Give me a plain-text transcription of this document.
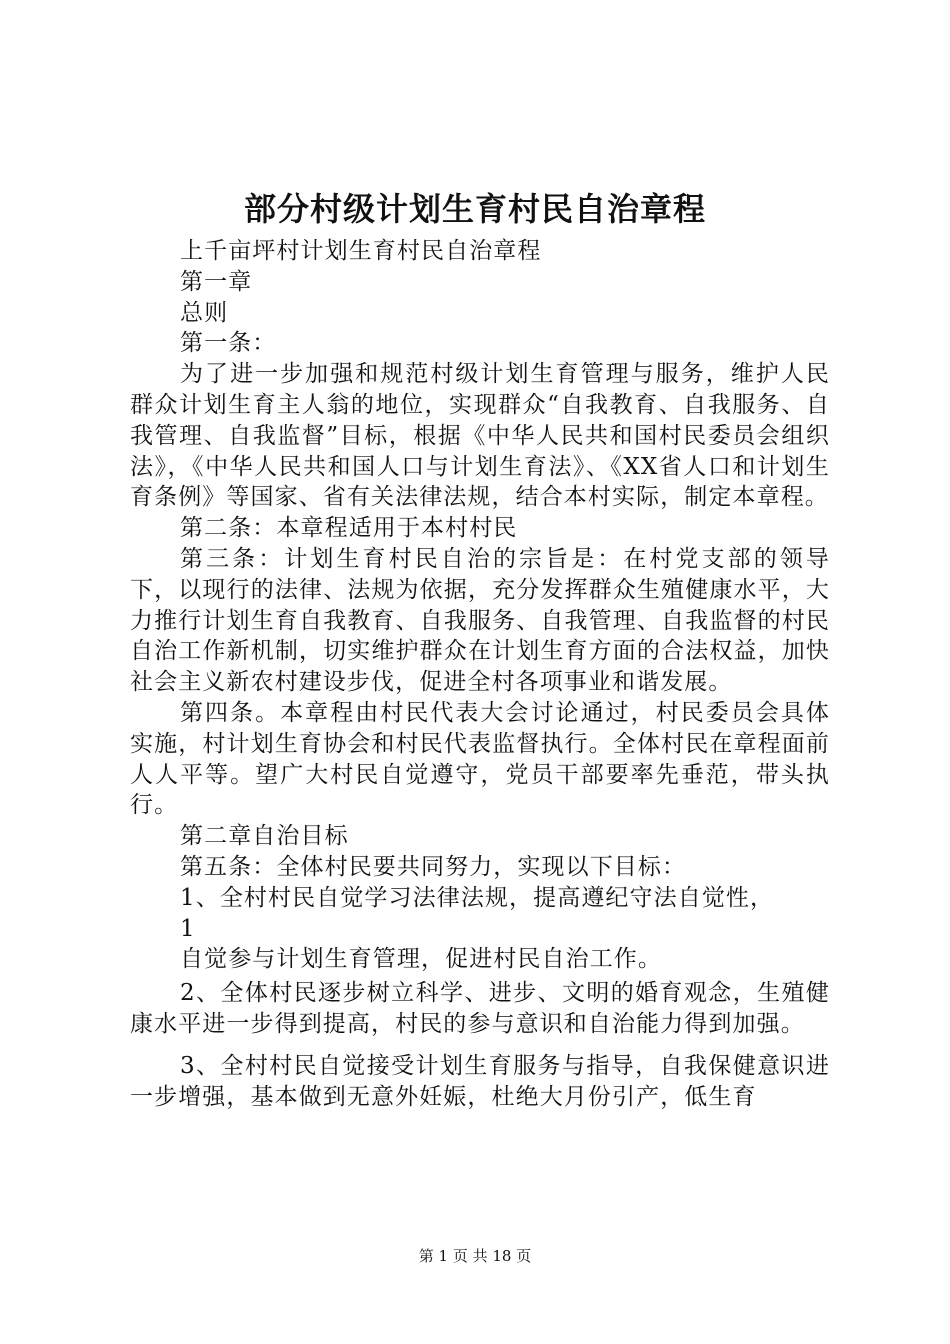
部分村级计划生育村民自治章程

上千亩坪村计划生育村民自治章程

第一章

总则

第一条：

为了进一步加强和规范村级计划生育管理与服务，维护人民群众计划生育主人翁的地位，实现群众“自我教育、自我服务、自我管理、自我监督”目标，根据《中华人民共和国村民委员会组织法》，《中华人民共和国人口与计划生育法》、《XX省人口和计划生育条例》等国家、省有关法律法规，结合本村实际，制定本章程。

第二条：本章程适用于本村村民

第三条：计划生育村民自治的宗旨是：在村党支部的领导下，以现行的法律、法规为依据，充分发挥群众生殖健康水平，大力推行计划生育自我教育、自我服务、自我管理、自我监督的村民自治工作新机制，切实维护群众在计划生育方面的合法权益，加快社会主义新农村建设步伐，促进全村各项事业和谐发展。

第四条。本章程由村民代表大会讨论通过，村民委员会具体实施，村计划生育协会和村民代表监督执行。全体村民在章程面前人人平等。望广大村民自觉遵守，党员干部要率先垂范，带头执行。

第二章自治目标

第五条：全体村民要共同努力，实现以下目标：

1、全村村民自觉学习法律法规，提高遵纪守法自觉性，

1

自觉参与计划生育管理，促进村民自治工作。

2、全体村民逐步树立科学、进步、文明的婚育观念，生殖健康水平进一步得到提高，村民的参与意识和自治能力得到加强。

3、全村村民自觉接受计划生育服务与指导，自我保健意识进一步增强，基本做到无意外妊娠，杜绝大月份引产，低生育

第 1 页 共 18 页
